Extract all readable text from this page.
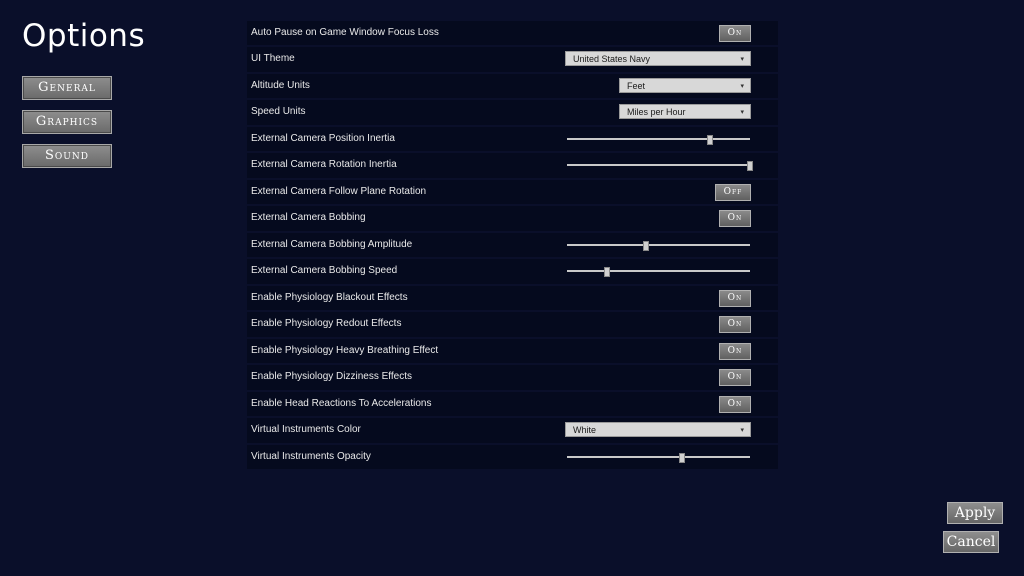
Options
General
Graphics
Sound
Auto Pause on Game Window Focus Loss	On
UI Theme	United States Navy	▾
Altitude Units	Feet	▾
Speed Units	Miles per Hour	▾
External Camera Position Inertia
External Camera Rotation Inertia
External Camera Follow Plane Rotation	Off
External Camera Bobbing	On
External Camera Bobbing Amplitude
External Camera Bobbing Speed
Enable Physiology Blackout Effects	On
Enable Physiology Redout Effects	On
Enable Physiology Heavy Breathing Effect	On
Enable Physiology Dizziness Effects	On
Enable Head Reactions To Accelerations	On
Virtual Instruments Color	White	▾
Virtual Instruments Opacity
Apply
Cancel
